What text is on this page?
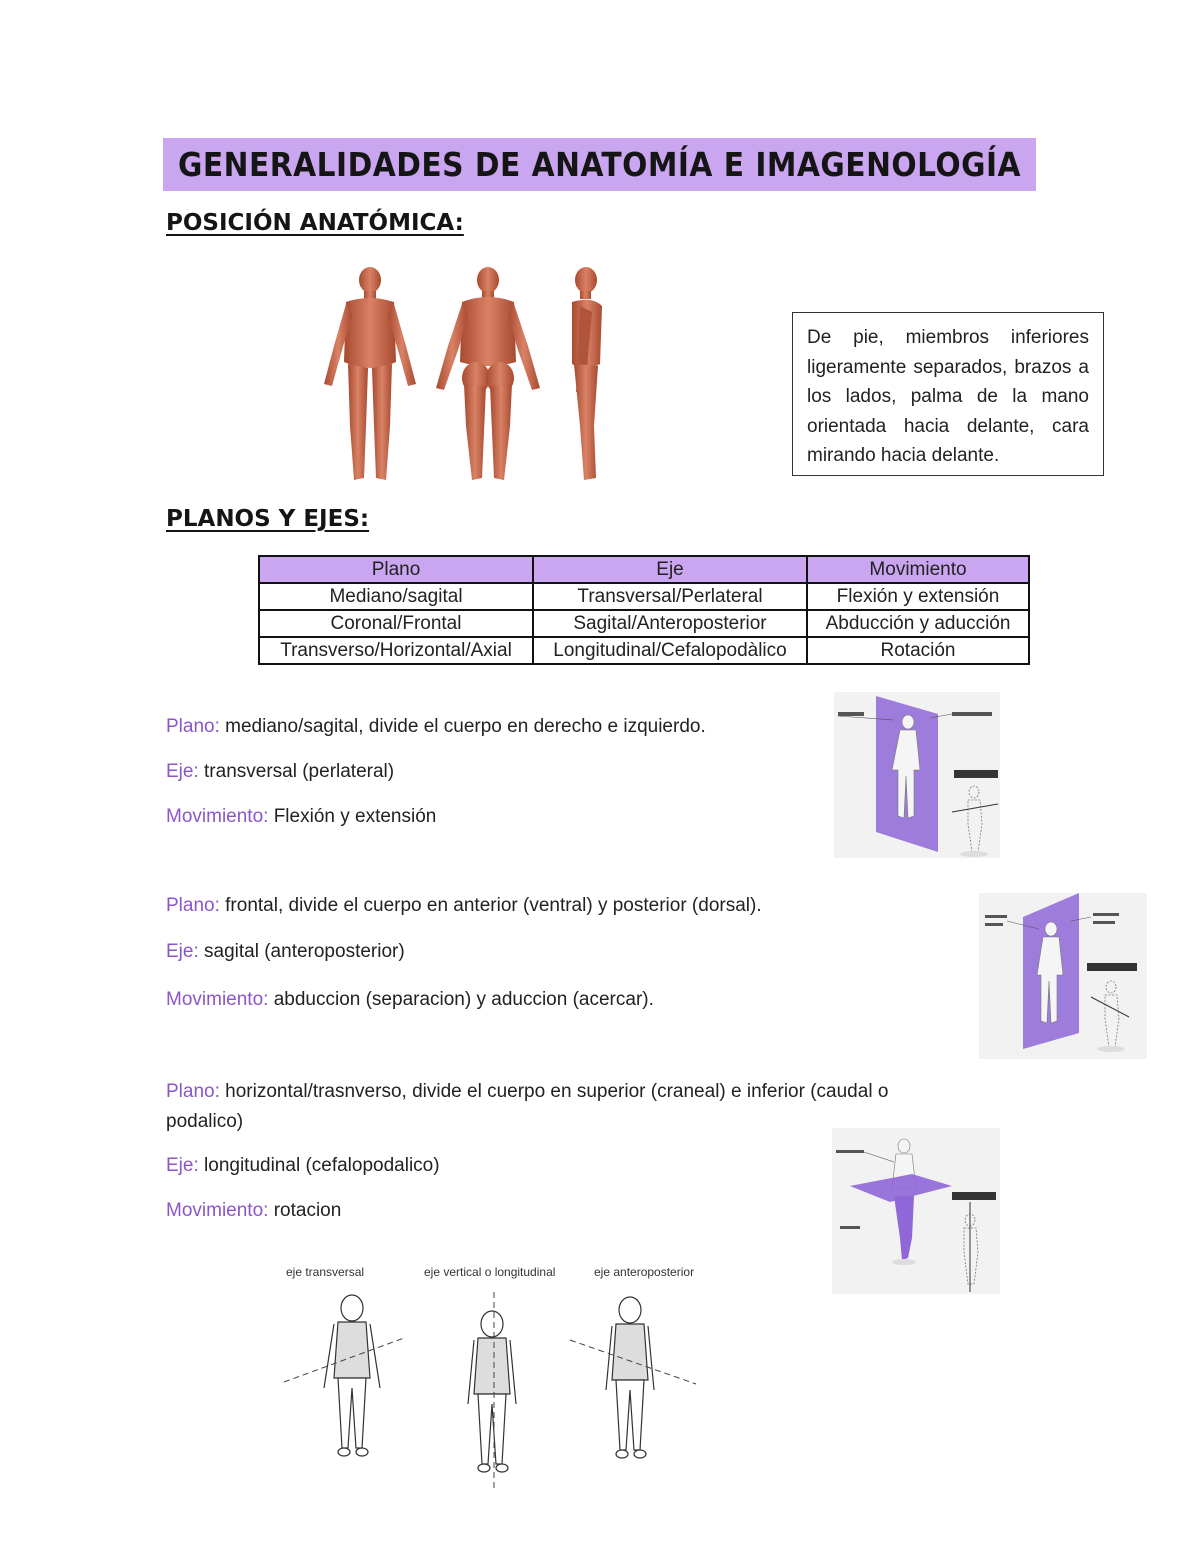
GENERALIDADES DE ANATOMÍA E IMAGENOLOGÍA
POSICIÓN ANATÓMICA:
De pie, miembros inferiores ligeramente separados, brazos a los lados, palma de la mano orientada hacia delante, cara mirando hacia delante.
PLANOS Y EJES:
Plano	Eje	Movimiento
Mediano/sagital	Transversal/Perlateral	Flexión y extensión
Coronal/Frontal	Sagital/Anteroposterior	Abducción y aducción
Transverso/Horizontal/Axial	Longitudinal/Cefalopodàlico	Rotación
Plano: mediano/sagital, divide el cuerpo en derecho e izquierdo.
Eje: transversal (perlateral)
Movimiento: Flexión y extensión
Plano: frontal, divide el cuerpo en anterior (ventral) y posterior (dorsal).
Eje: sagital (anteroposterior)
Movimiento: abduccion (separacion) y aduccion (acercar).
Plano: horizontal/trasnverso, divide el cuerpo en superior (craneal) e inferior (caudal o podalico)
Eje: longitudinal (cefalopodalico)
Movimiento: rotacion
eje transversal	eje vertical o longitudinal	eje anteroposterior
